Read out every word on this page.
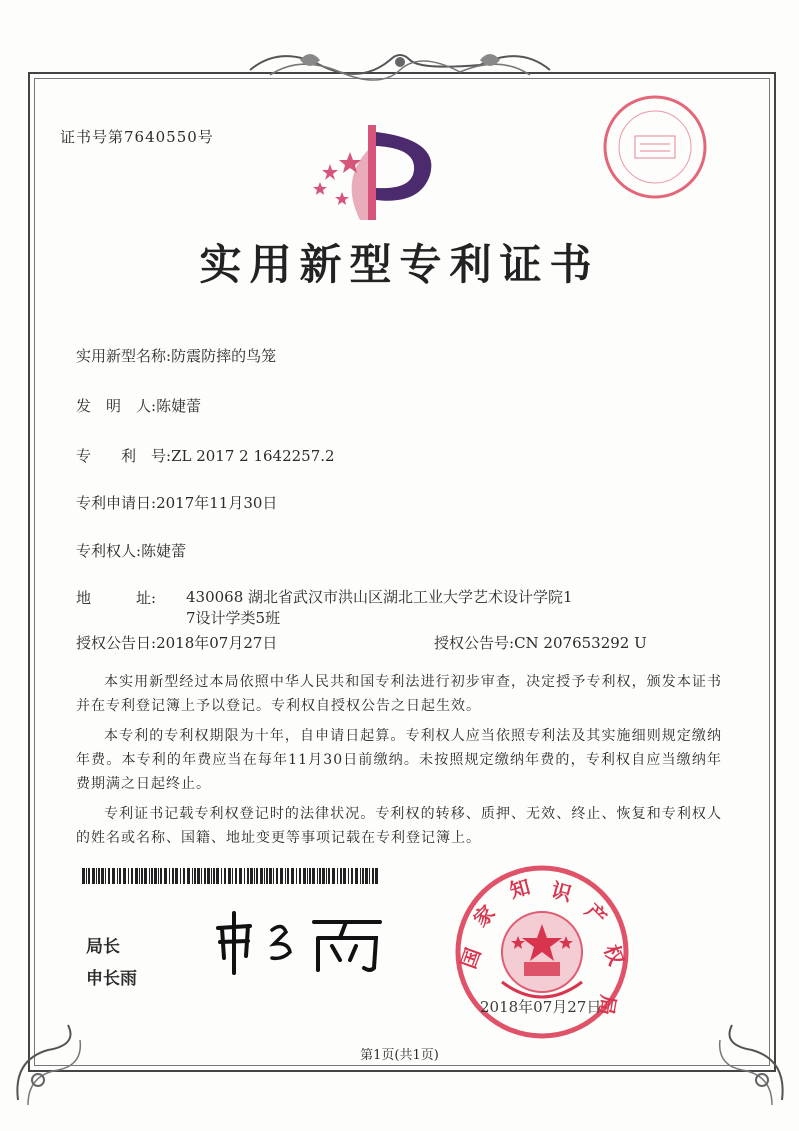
证书号第7640550号
实用新型专利证书
实用新型名称:防震防摔的鸟笼
发　明　人:陈婕蕾
专　　利　号:ZL 2017 2 1642257.2
专利申请日:2017年11月30日
专利权人:陈婕蕾
地　　　址: 430068 湖北省武汉市洪山区湖北工业大学艺术设计学院1
7设计学类5班
授权公告日:2018年07月27日	授权公告号:CN 207653292 U

本实用新型经过本局依照中华人民共和国专利法进行初步审查，决定授予专利权，颁发本证书并在专利登记簿上予以登记。专利权自授权公告之日起生效。

本专利的专利权期限为十年，自申请日起算。专利权人应当依照专利法及其实施细则规定缴纳年费。本专利的年费应当在每年11月30日前缴纳。未按照规定缴纳年费的，专利权自应当缴纳年费期满之日起终止。

专利证书记载专利权登记时的法律状况。专利权的转移、质押、无效、终止、恢复和专利权人的姓名或名称、国籍、地址变更等事项记载在专利登记簿上。

局长
申长雨
国
家
知 识
产
权
局
2018年07月27日
第1页(共1页)
